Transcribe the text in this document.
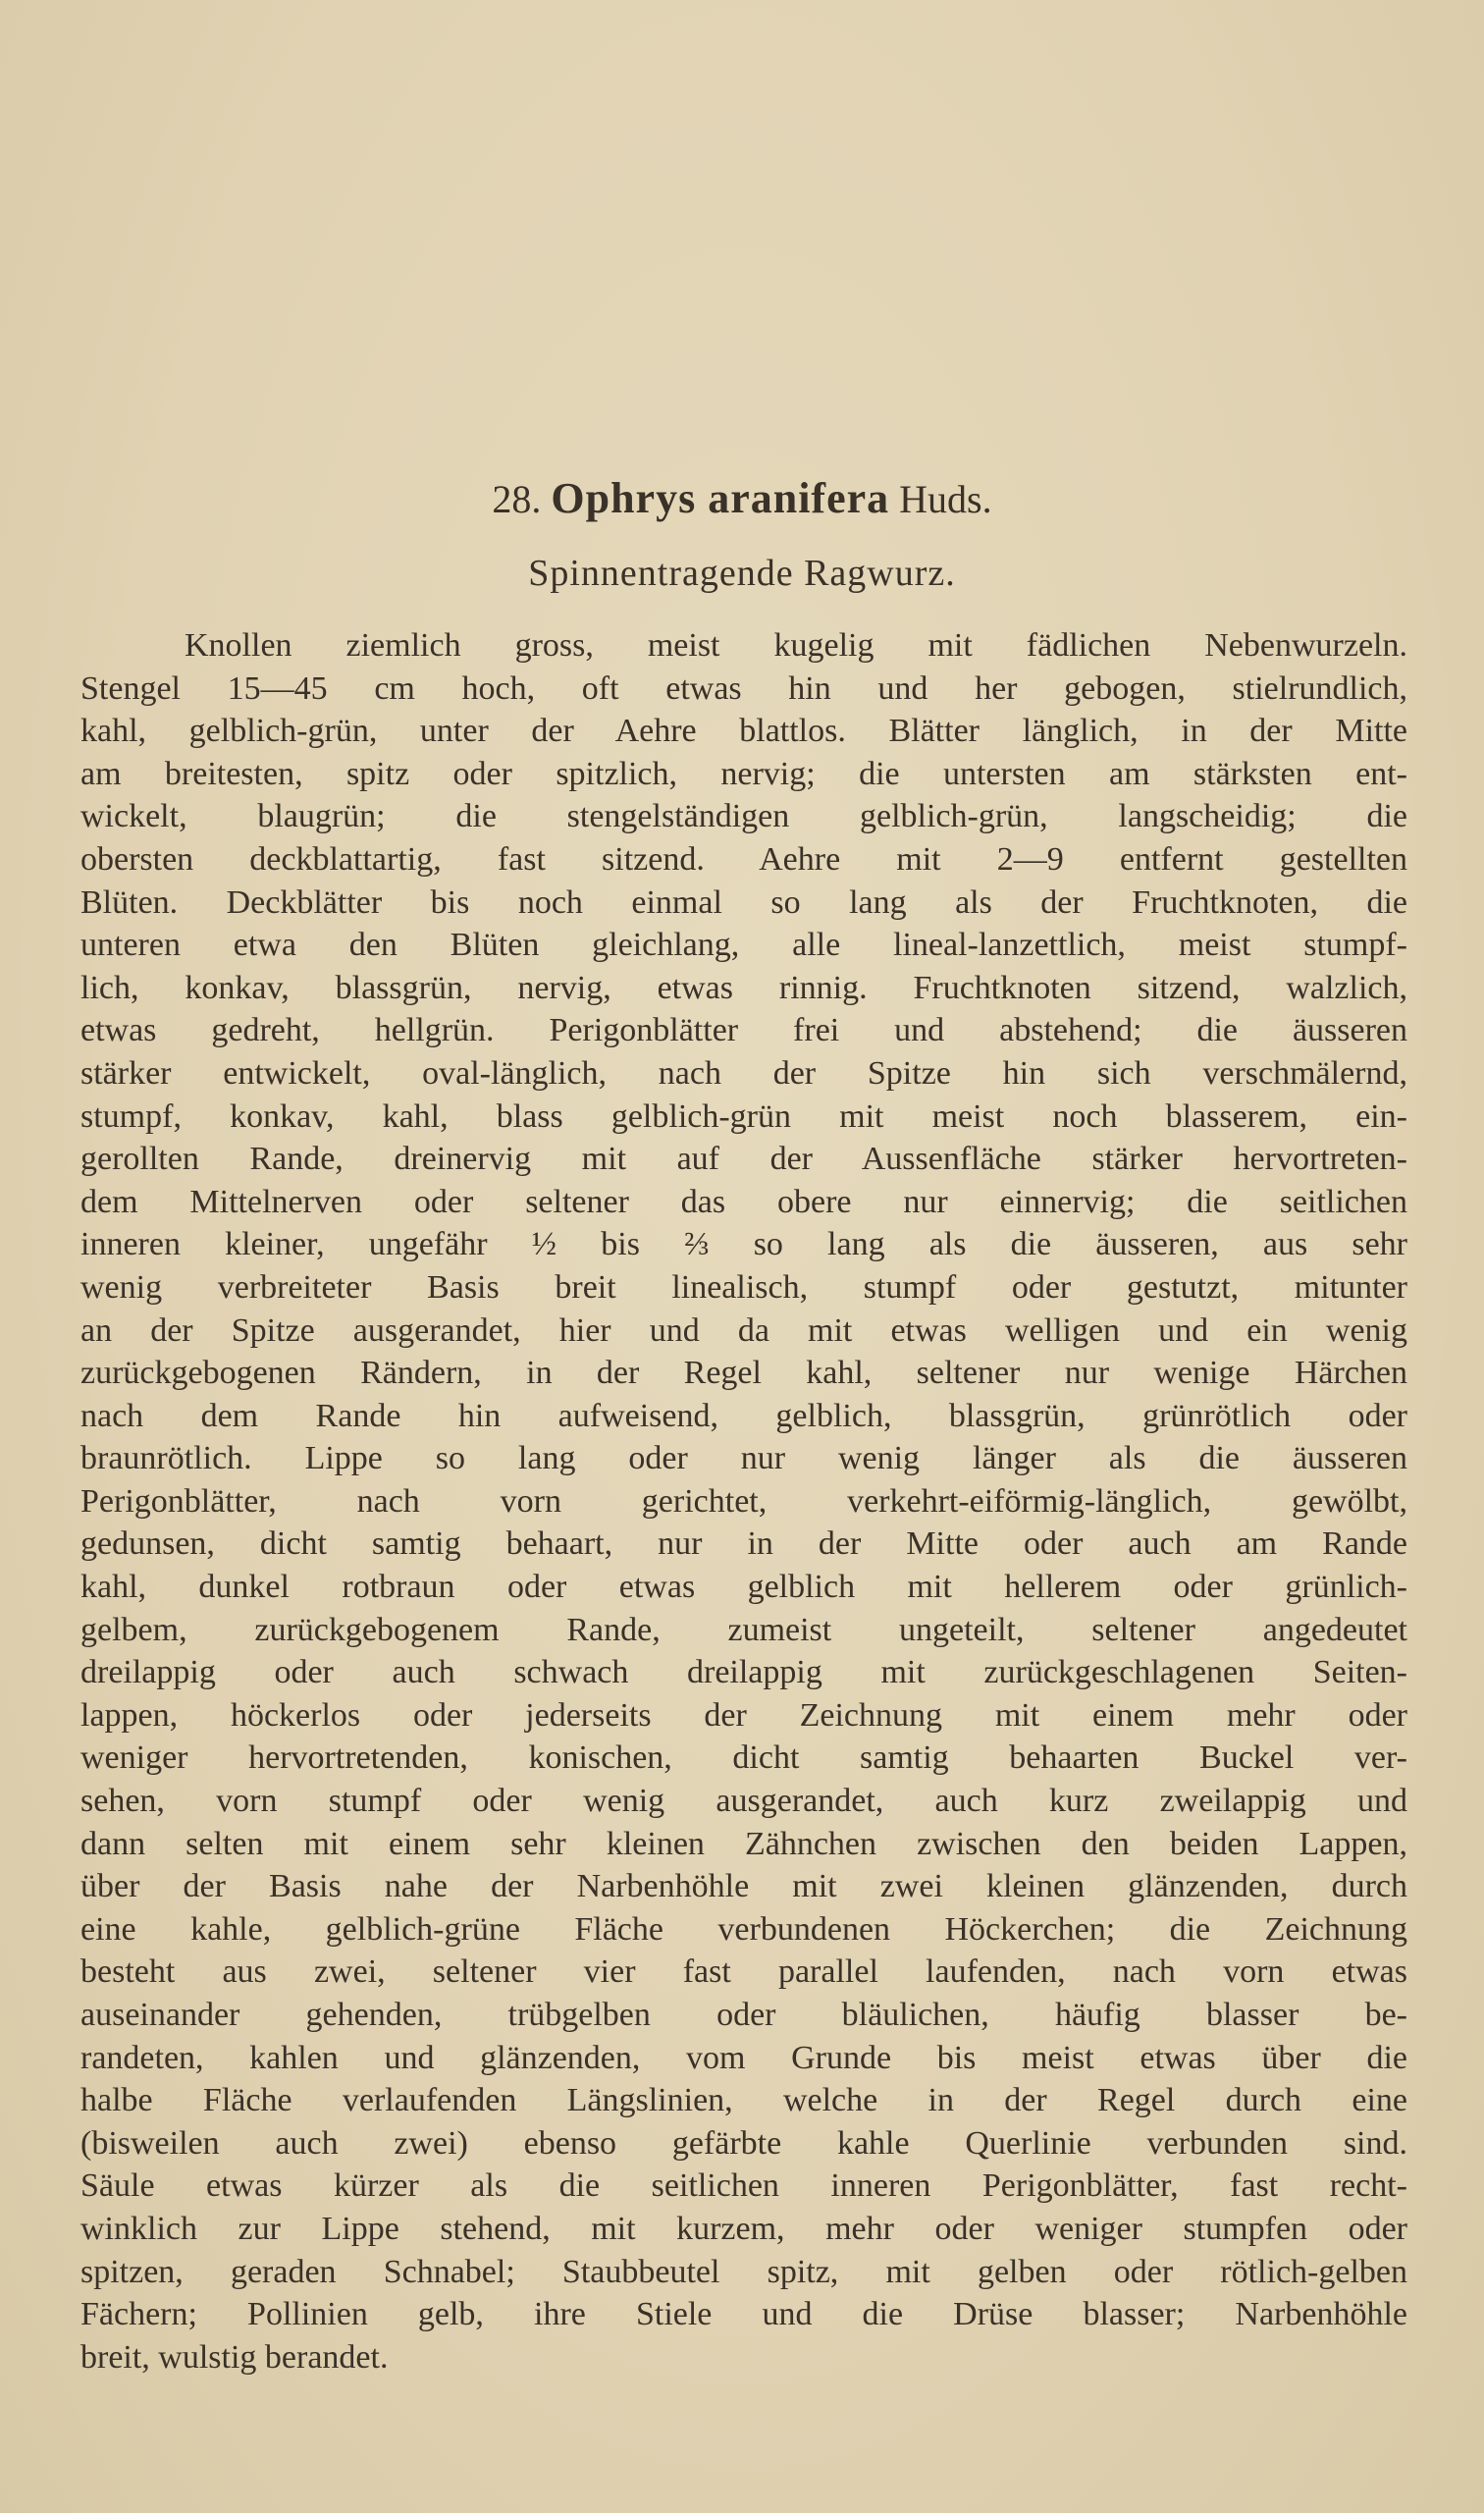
28. Ophrys aranifera Huds.
Spinnentragende Ragwurz.
Knollen ziemlich gross, meist kugelig mit fädlichen Nebenwurzeln.
Stengel 15—45 cm hoch, oft etwas hin und her gebogen, stielrundlich,
kahl, gelblich-grün, unter der Aehre blattlos. Blätter länglich, in der Mitte
am breitesten, spitz oder spitzlich, nervig; die untersten am stärksten ent-
wickelt, blaugrün; die stengelständigen gelblich-grün, langscheidig; die
obersten deckblattartig, fast sitzend. Aehre mit 2—9 entfernt gestellten
Blüten. Deckblätter bis noch einmal so lang als der Fruchtknoten, die
unteren etwa den Blüten gleichlang, alle lineal-lanzettlich, meist stumpf-
lich, konkav, blassgrün, nervig, etwas rinnig. Fruchtknoten sitzend, walzlich,
etwas gedreht, hellgrün. Perigonblätter frei und abstehend; die äusseren
stärker entwickelt, oval-länglich, nach der Spitze hin sich verschmälernd,
stumpf, konkav, kahl, blass gelblich-grün mit meist noch blasserem, ein-
gerollten Rande, dreinervig mit auf der Aussenfläche stärker hervortreten-
dem Mittelnerven oder seltener das obere nur einnervig; die seitlichen
inneren kleiner, ungefähr ½ bis ⅔ so lang als die äusseren, aus sehr
wenig verbreiteter Basis breit linealisch, stumpf oder gestutzt, mitunter
an der Spitze ausgerandet, hier und da mit etwas welligen und ein wenig
zurückgebogenen Rändern, in der Regel kahl, seltener nur wenige Härchen
nach dem Rande hin aufweisend, gelblich, blassgrün, grünrötlich oder
braunrötlich. Lippe so lang oder nur wenig länger als die äusseren
Perigonblätter, nach vorn gerichtet, verkehrt-eiförmig-länglich, gewölbt,
gedunsen, dicht samtig behaart, nur in der Mitte oder auch am Rande
kahl, dunkel rotbraun oder etwas gelblich mit hellerem oder grünlich-
gelbem, zurückgebogenem Rande, zumeist ungeteilt, seltener angedeutet
dreilappig oder auch schwach dreilappig mit zurückgeschlagenen Seiten-
lappen, höckerlos oder jederseits der Zeichnung mit einem mehr oder
weniger hervortretenden, konischen, dicht samtig behaarten Buckel ver-
sehen, vorn stumpf oder wenig ausgerandet, auch kurz zweilappig und
dann selten mit einem sehr kleinen Zähnchen zwischen den beiden Lappen,
über der Basis nahe der Narbenhöhle mit zwei kleinen glänzenden, durch
eine kahle, gelblich-grüne Fläche verbundenen Höckerchen; die Zeichnung
besteht aus zwei, seltener vier fast parallel laufenden, nach vorn etwas
auseinander gehenden, trübgelben oder bläulichen, häufig blasser be-
randeten, kahlen und glänzenden, vom Grunde bis meist etwas über die
halbe Fläche verlaufenden Längslinien, welche in der Regel durch eine
(bisweilen auch zwei) ebenso gefärbte kahle Querlinie verbunden sind.
Säule etwas kürzer als die seitlichen inneren Perigonblätter, fast recht-
winklich zur Lippe stehend, mit kurzem, mehr oder weniger stumpfen oder
spitzen, geraden Schnabel; Staubbeutel spitz, mit gelben oder rötlich-gelben
Fächern; Pollinien gelb, ihre Stiele und die Drüse blasser; Narbenhöhle
breit, wulstig berandet.
